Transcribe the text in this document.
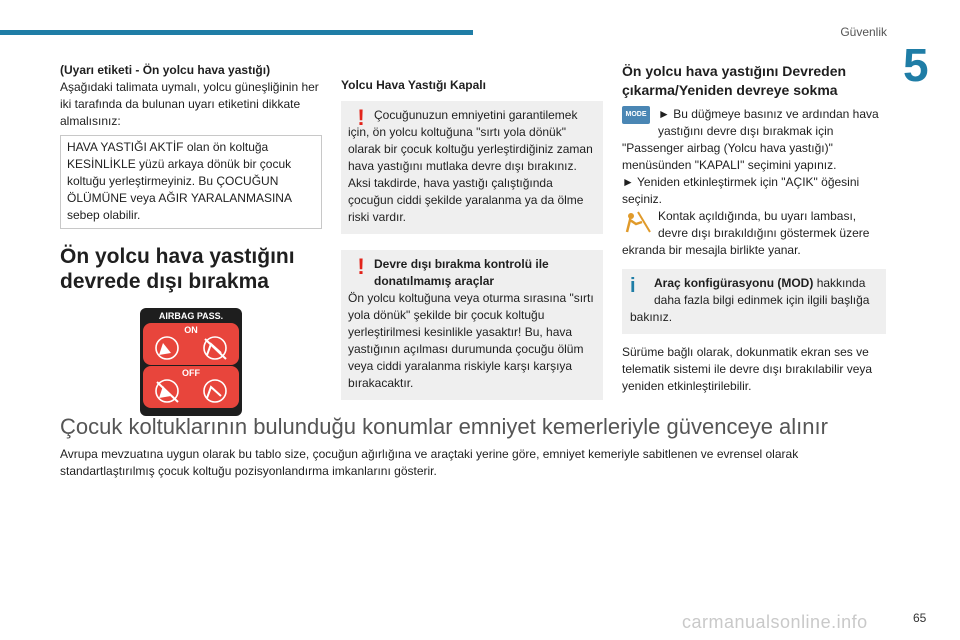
Güvenlik
5

(Uyarı etiketi - Ön yolcu hava yastığı)

Aşağıdaki talimata uymalı, yolcu güneşliğinin her iki tarafında da bulunan uyarı etiketini dikkate almalısınız:

HAVA YASTIĞI AKTİF olan ön koltuğa KESİNLİKLE yüzü arkaya dönük bir çocuk koltuğu yerleştirmeyiniz. Bu ÇOCUĞUN ÖLÜMÜNE veya AĞIR YARALANMASINA sebep olabilir.

Ön yolcu hava yastığını devrede dışı bırakma
AIRBAG PASS.
ON
OFF

Yolcu Hava Yastığı Kapalı

! Çocuğunuzun emniyetini garantilemek için, ön yolcu koltuğuna "sırtı yola dönük" olarak bir çocuk koltuğu yerleştirdiğiniz zaman hava yastığını mutlaka devre dışı bırakınız. Aksi takdirde, hava yastığı çalıştığında çocuğun ciddi şekilde yaralanma ya da ölme riski vardır.

! Devre dışı bırakma kontrolü ile donatılmamış araçlar

Ön yolcu koltuğuna veya oturma sırasına "sırtı yola dönük" şekilde bir çocuk koltuğu yerleştirilmesi kesinlikle yasaktır! Bu, hava yastığının açılması durumunda çocuğu ölüm veya ciddi yaralanma riskiyle karşı karşıya bırakacaktır.

Ön yolcu hava yastığını Devreden çıkarma/Yeniden devreye sokma
MODE ► Bu düğmeye basınız ve ardından hava yastığını devre dışı bırakmak için "Passenger airbag (Yolcu hava yastığı)" menüsünden "KAPALI" seçimini yapınız.

► Yeniden etkinleştirmek için "AÇIK" öğesini seçiniz.

Kontak açıldığında, bu uyarı lambası, devre dışı bırakıldığını göstermek üzere ekranda bir mesajla birlikte yanar.

i	Araç konfigürasyonu (MOD) hakkında daha fazla bilgi edinmek için ilgili başlığa bakınız.

Sürüme bağlı olarak, dokunmatik ekran ses ve telematik sistemi ile devre dışı bırakılabilir veya yeniden etkinleştirilebilir.

Çocuk koltuklarının bulunduğu konumlar emniyet kemerleriyle güvenceye alınır
Avrupa mevzuatına uygun olarak bu tablo size, çocuğun ağırlığına ve araçtaki yerine göre, emniyet kemeriyle sabitlenen ve evrensel olarak standartlaştırılmış çocuk koltuğu pozisyonlandırma imkanlarını gösterir.
carmanualsonline.info	65
